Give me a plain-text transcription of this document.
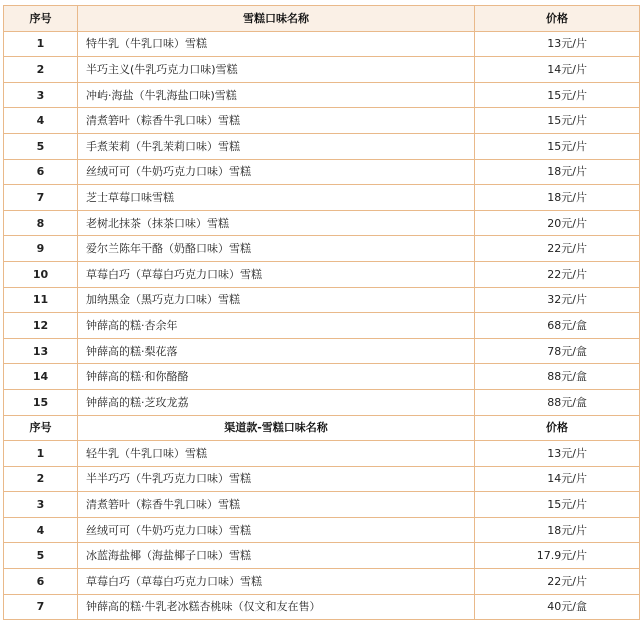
序号	雪糕口味名称	价格
1	特牛乳（牛乳口味）雪糕	13元/片
2	半巧主义(牛乳巧克力口味)雪糕	14元/片
3	冲屿·海盐（牛乳海盐口味)雪糕	15元/片
4	清煮箬叶（粽香牛乳口味）雪糕	15元/片
5	手煮茉莉（牛乳茉莉口味）雪糕	15元/片
6	丝绒可可（牛奶巧克力口味）雪糕	18元/片
7	芝士草莓口味雪糕	18元/片
8	老树北抹茶（抹茶口味）雪糕	20元/片
9	爱尔兰陈年干酪（奶酪口味）雪糕	22元/片
10	草莓白巧（草莓白巧克力口味）雪糕	22元/片
11	加纳黑金（黑巧克力口味）雪糕	32元/片
12	钟薛高的糕·杏余年	68元/盒
13	钟薛高的糕·梨花落	78元/盒
14	钟薛高的糕·和你酪酪	88元/盒
15	钟薛高的糕·芝玫龙荔	88元/盒
序号	渠道款-雪糕口味名称	价格
1	轻牛乳（牛乳口味）雪糕	13元/片
2	半半巧巧（牛乳巧克力口味）雪糕	14元/片
3	清煮箬叶（粽香牛乳口味）雪糕	15元/片
4	丝绒可可（牛奶巧克力口味）雪糕	18元/片
5	冰蓝海盐椰（海盐椰子口味）雪糕	17.9元/片
6	草莓白巧（草莓白巧克力口味）雪糕	22元/片
7	钟薛高的糕·牛乳老冰糕杏桃味（仅文和友在售）	40元/盒
